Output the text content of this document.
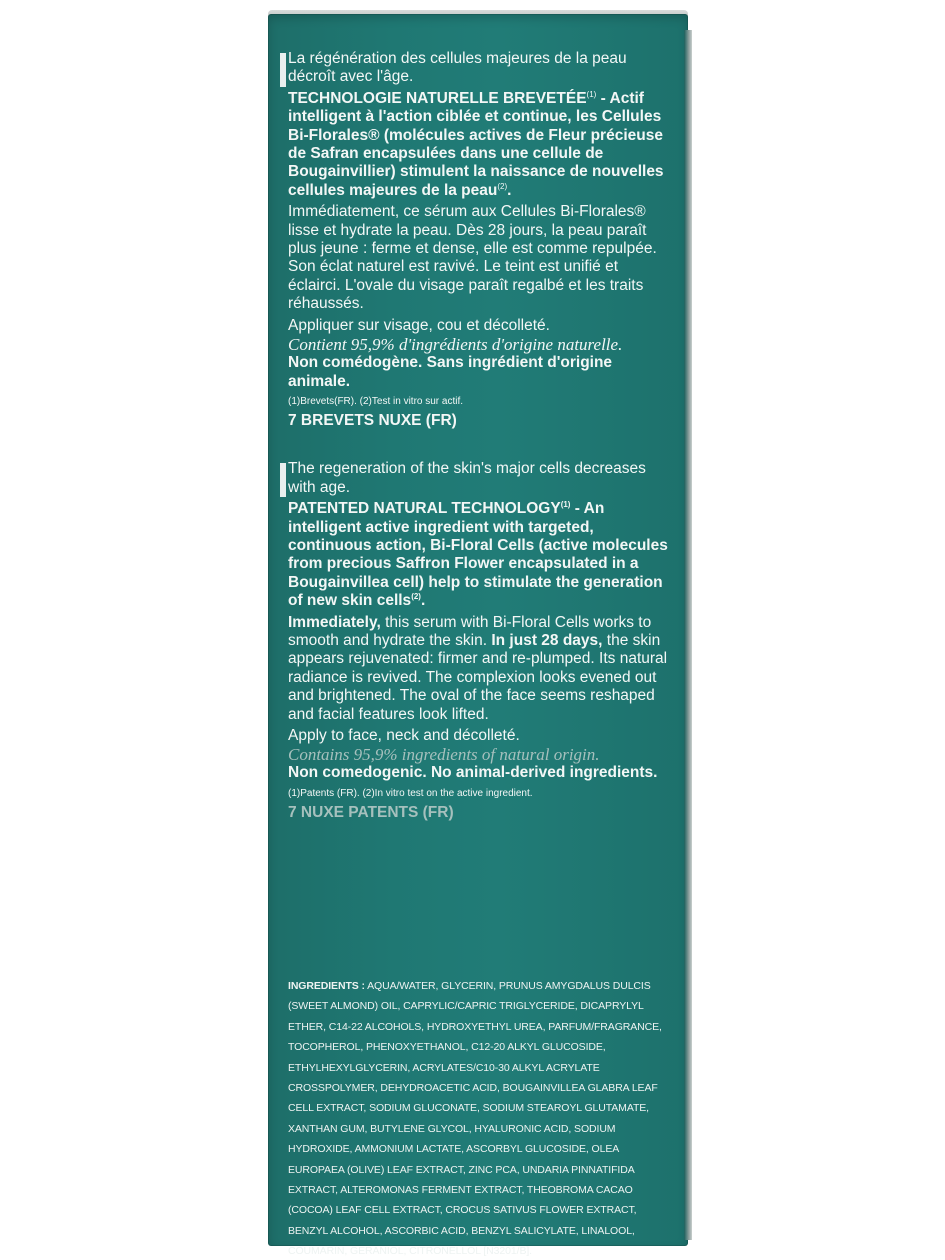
La régénération des cellules majeures de la peau décroît avec l'âge.

TECHNOLOGIE NATURELLE BREVETÉE$^{(1)}$ - Actif intelligent à l'action ciblée et continue, les Cellules Bi-Florales® (molécules actives de Fleur précieuse de Safran encapsulées dans une cellule de Bougainvillier) stimulent la naissance de nouvelles cellules majeures de la peau$^{(2)}$.

Immédiatement, ce sérum aux Cellules Bi-Florales® lisse et hydrate la peau. Dès 28 jours, la peau paraît plus jeune : ferme et dense, elle est comme repulpée. Son éclat naturel est ravivé. Le teint est unifié et éclairci. L'ovale du visage paraît regalbé et les traits réhaussés.

Appliquer sur visage, cou et décolleté.

Contient 95,9% d'ingrédients d'origine naturelle.

Non comédogène. Sans ingrédient d'origine animale.

(1)Brevets(FR). (2)Test in vitro sur actif.
7 BREVETS NUXE (FR)

The regeneration of the skin's major cells decreases with age.

PATENTED NATURAL TECHNOLOGY$^{(1)}$ - An intelligent active ingredient with targeted, continuous action, Bi-Floral Cells (active molecules from precious Saffron Flower encapsulated in a Bougainvillea cell) help to stimulate the generation of new skin cells$^{(2)}$.

Immediately, this serum with Bi-Floral Cells works to smooth and hydrate the skin. In just 28 days, the skin appears rejuvenated: firmer and re-plumped. Its natural radiance is revived. The complexion looks evened out and brightened. The oval of the face seems reshaped and facial features look lifted.

Apply to face, neck and décolleté.

Contains 95,9% ingredients of natural origin.

Non comedogenic. No animal-derived ingredients.

(1)Patents (FR). (2)In vitro test on the active ingredient.
7 NUXE PATENTS (FR)
INGREDIENTS : AQUA/WATER, GLYCERIN, PRUNUS AMYGDALUS DULCIS (SWEET ALMOND) OIL, CAPRYLIC/CAPRIC TRIGLYCERIDE, DICAPRYLYL ETHER, C14-22 ALCOHOLS, HYDROXYETHYL UREA, PARFUM/FRAGRANCE, TOCOPHEROL, PHENOXYETHANOL, C12-20 ALKYL GLUCOSIDE, ETHYLHEXYLGLYCERIN, ACRYLATES/C10-30 ALKYL ACRYLATE CROSSPOLYMER, DEHYDROACETIC ACID, BOUGAINVILLEA GLABRA LEAF CELL EXTRACT, SODIUM GLUCONATE, SODIUM STEAROYL GLUTAMATE, XANTHAN GUM, BUTYLENE GLYCOL, HYALURONIC ACID, SODIUM HYDROXIDE, AMMONIUM LACTATE, ASCORBYL GLUCOSIDE, OLEA EUROPAEA (OLIVE) LEAF EXTRACT, ZINC PCA, UNDARIA PINNATIFIDA EXTRACT, ALTEROMONAS FERMENT EXTRACT, THEOBROMA CACAO (COCOA) LEAF CELL EXTRACT, CROCUS SATIVUS FLOWER EXTRACT, BENZYL ALCOHOL, ASCORBIC ACID, BENZYL SALICYLATE, LINALOOL, COUMARIN, GERANIOL, CITRONELLOL [N3201/B].
